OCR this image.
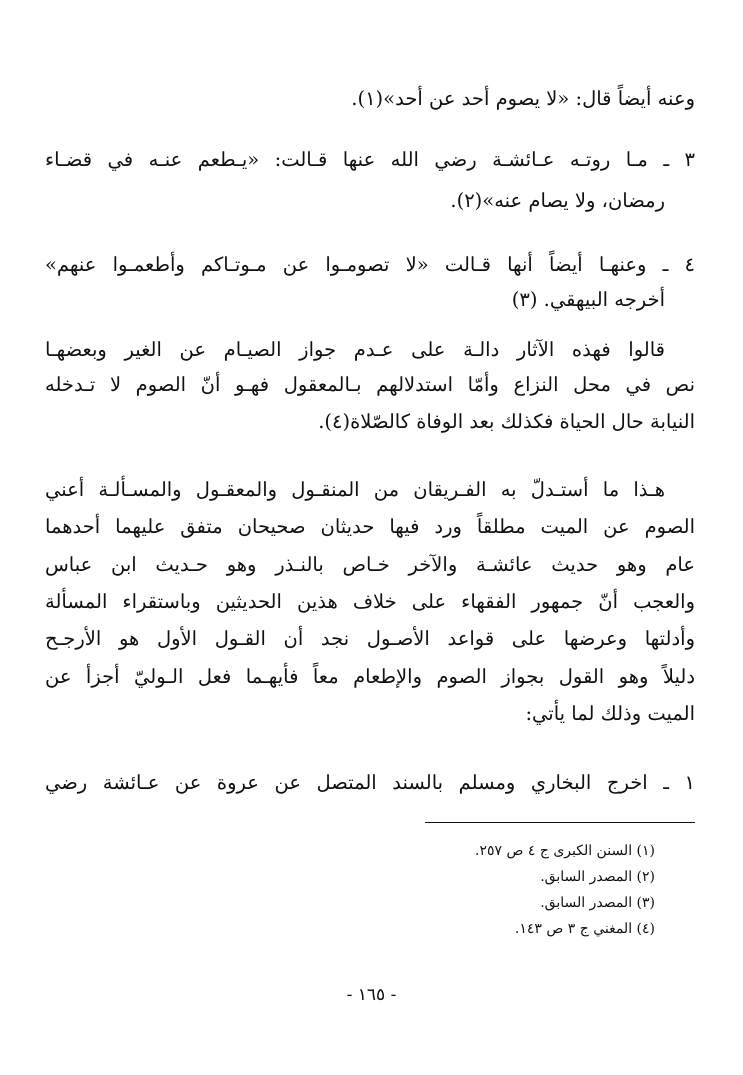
وعنه أيضاً قال: «لا يصوم أحد عن أحد»(١).
٣ ـ مـا روتـه عـائشـة رضي الله عنها قـالت: «يـطعم عنـه في قضـاء
رمضان، ولا يصام عنه»(٢).
٤ ـ وعنهـا أيضاً أنها قـالت «لا تصومـوا عن مـوتـاكم وأطعمـوا عنهم»
أخرجه البيهقي. (٣)
قالوا فهذه الآثار دالـة على عـدم جواز الصيـام عن الغير وبعضهـا
نص في محل النزاع وأمّا استدلالهم بـالمعقول فهـو أنّ الصوم لا تـدخله
النيابة حال الحياة فكذلك بعد الوفاة كالصّلاة(٤).
هـذا ما أستـدلّ به الفـريقان من المنقـول والمعقـول والمسـألـة أعني
الصوم عن الميت مطلقاً ورد فيها حديثان صحيحان متفق عليهما أحدهما
عام وهو حديث عائشـة والآخر خـاص بالنـذر وهو حـديث ابن عباس
والعجب أنّ جمهور الفقهاء على خلاف هذين الحديثين وباستقراء المسألة
وأدلتها وعرضها على قواعد الأصـول نجد أن القـول الأول هو الأرجـح
دليلاً وهو القول بجواز الصوم والإطعام معاً فأيهـما فعل الـوليّ أجزأ عن
الميت وذلك لما يأتي:
١ ـ اخرج البخاري ومسلم بالسند المتصل عن عروة عن عـائشة رضي
(١) السنن الكبرى ج ٤ ص ٢٥٧.
(٢) المصدر السابق.
(٣) المصدر السابق.
(٤) المغني ج ٣ ص ١٤٣.
- ١٦٥ -
